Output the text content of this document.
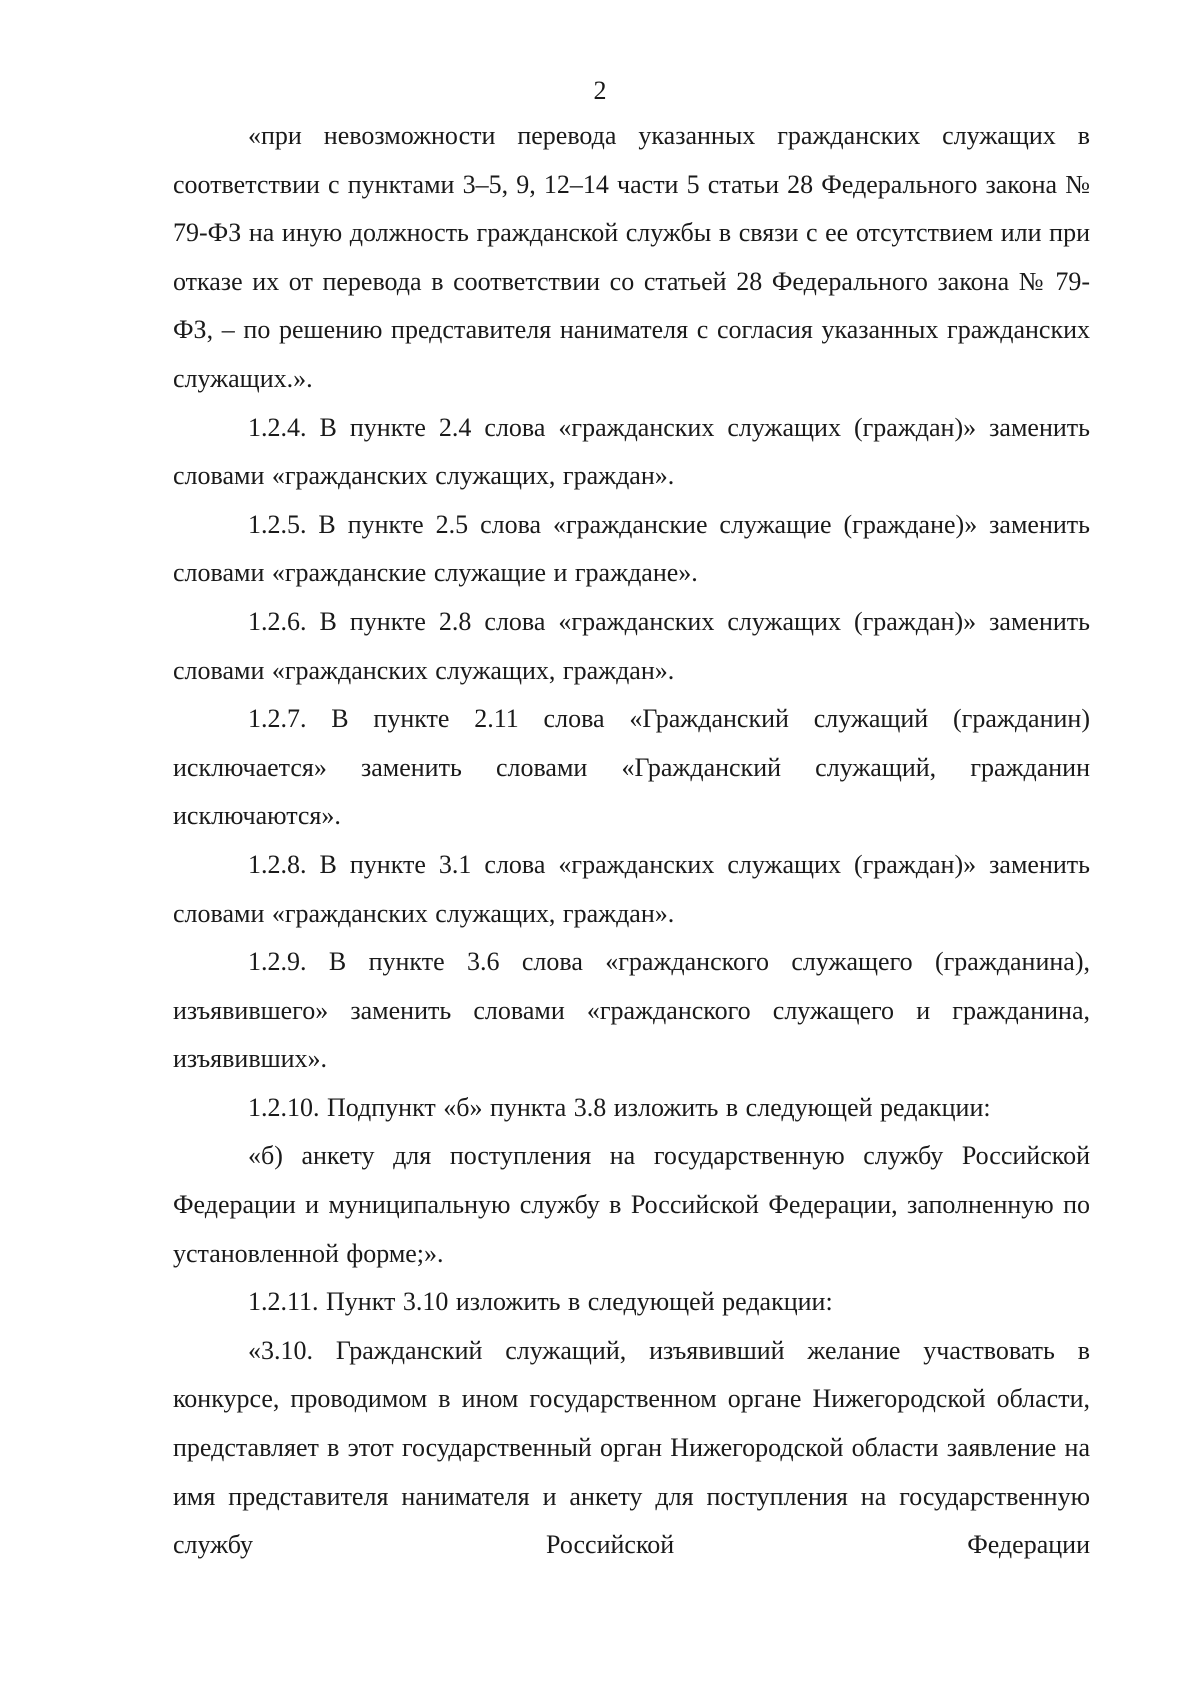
2

«при невозможности перевода указанных гражданских служащих в соответствии с пунктами 3–5, 9, 12–14 части 5 статьи 28 Федерального закона № 79-ФЗ на иную должность гражданской службы в связи с ее отсутствием или при отказе их от перевода в соответствии со статьей 28 Федерального закона № 79-ФЗ, – по решению представителя нанимателя с согласия указанных гражданских служащих.».

1.2.4. В пункте 2.4 слова «гражданских служащих (граждан)» заменить словами «гражданских служащих, граждан».

1.2.5. В пункте 2.5 слова «гражданские служащие (граждане)» заменить словами «гражданские служащие и граждане».

1.2.6. В пункте 2.8 слова «гражданских служащих (граждан)» заменить словами «гражданских служащих, граждан».

1.2.7. В пункте 2.11 слова «Гражданский служащий (гражданин) исключается» заменить словами «Гражданский служащий, гражданин исключаются».

1.2.8. В пункте 3.1 слова «гражданских служащих (граждан)» заменить словами «гражданских служащих, граждан».

1.2.9. В пункте 3.6 слова «гражданского служащего (гражданина), изъявившего» заменить словами «гражданского служащего и гражданина, изъявивших».

1.2.10. Подпункт «б» пункта 3.8 изложить в следующей редакции:

«б) анкету для поступления на государственную службу Российской Федерации и муниципальную службу в Российской Федерации, заполненную по установленной форме;».

1.2.11. Пункт 3.10 изложить в следующей редакции:

«3.10. Гражданский служащий, изъявивший желание участвовать в конкурсе, проводимом в ином государственном органе Нижегородской области, представляет в этот государственный орган Нижегородской области заявление на имя представителя нанимателя и анкету для поступления на государственную службу Российской Федерации
